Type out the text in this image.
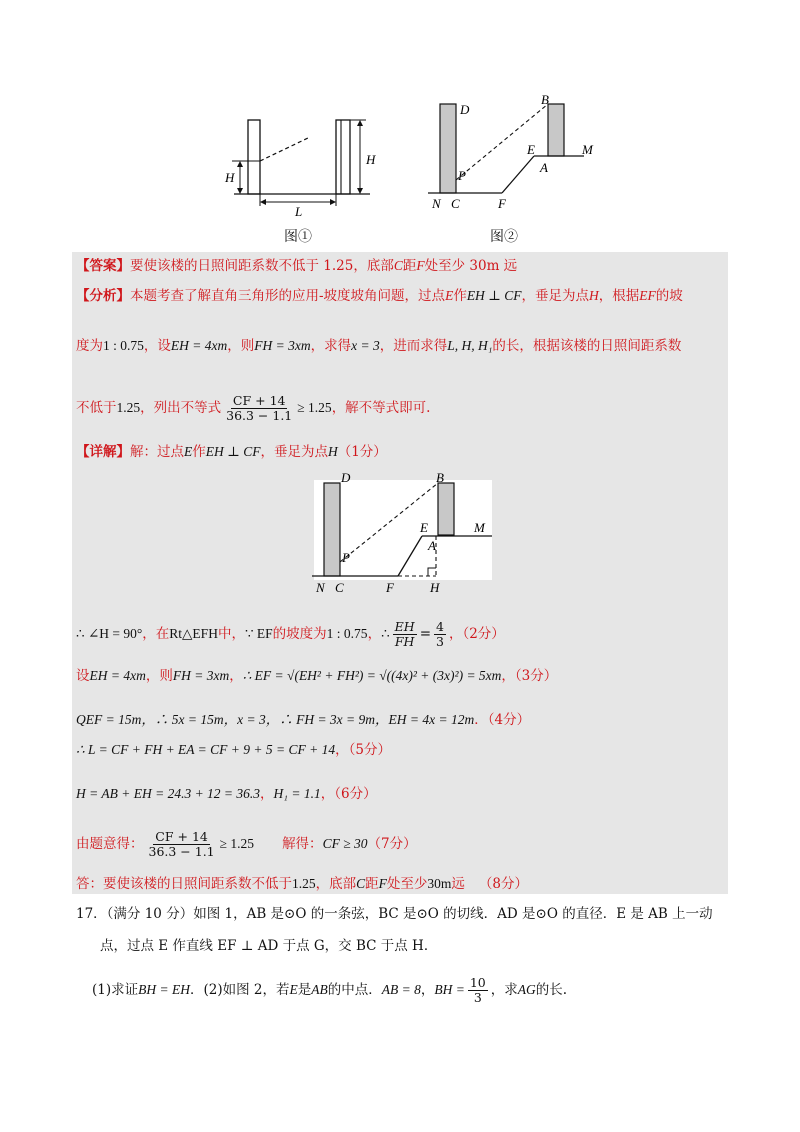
H
H
L
图①
D
B
E	M
A
P
N C	F
图②
【答案】要使该楼的日照间距系数不低于 1.25，底部C距F处至少 30m 远
【分析】本题考查了解直角三角形的应用-坡度坡角问题，过点E作EH ⊥ CF，垂足为点H，根据EF的坡
度为1 : 0.75，设EH = 4xm，则FH = 3xm，求得x = 3，进而求得L, H, H₁的长，根据该楼的日照间距系数
不低于1.25，列出不等式 $\frac{CF + 14}{36.3 - 1.1} \ge 1.25$，解不等式即可.
【详解】解：过点E作EH ⊥ CF，垂足为点H（1分）
D	B
E	M
A
P
N C	F	H
∴ ∠H = 90°，在Rt△EFH中，∵ EF的坡度为1 : 0.75，∴ $\frac{EH}{FH} = \frac{4}{3}$ ，（2分）
设EH = 4xm，则FH = 3xm，∴ EF = √(EH² + FH²) = √((4x)² + (3x)²) = 5xm，（3分）
QEF = 15m，∴ 5x = 15m，x = 3，∴ FH = 3x = 9m，EH = 4x = 12m．（4分）
∴ L = CF + FH + EA = CF + 9 + 5 = CF + 14，（5分）
H = AB + EH = 24.3 + 12 = 36.3，H₁ = 1.1，（6分）
由题意得： $\frac{CF + 14}{36.3 - 1.1} \ge 1.25$ 解得：CF ≥ 30（7分）
答：要使该楼的日照间距系数不低于1.25，底部C距F处至少30m远 （8分）
17．（满分 10 分）如图 1，AB 是⊙O 的一条弦，BC 是⊙O 的切线．AD 是⊙O 的直径．E 是 AB 上一动
点，过点 E 作直线 EF ⊥ AD 于点 G，交 BC 于点 H．
(1)求证BH = EH．(2)如图 2，若E是AB的中点．AB = 8，BH = $\frac{10}{3}$ ，求AG的长.
